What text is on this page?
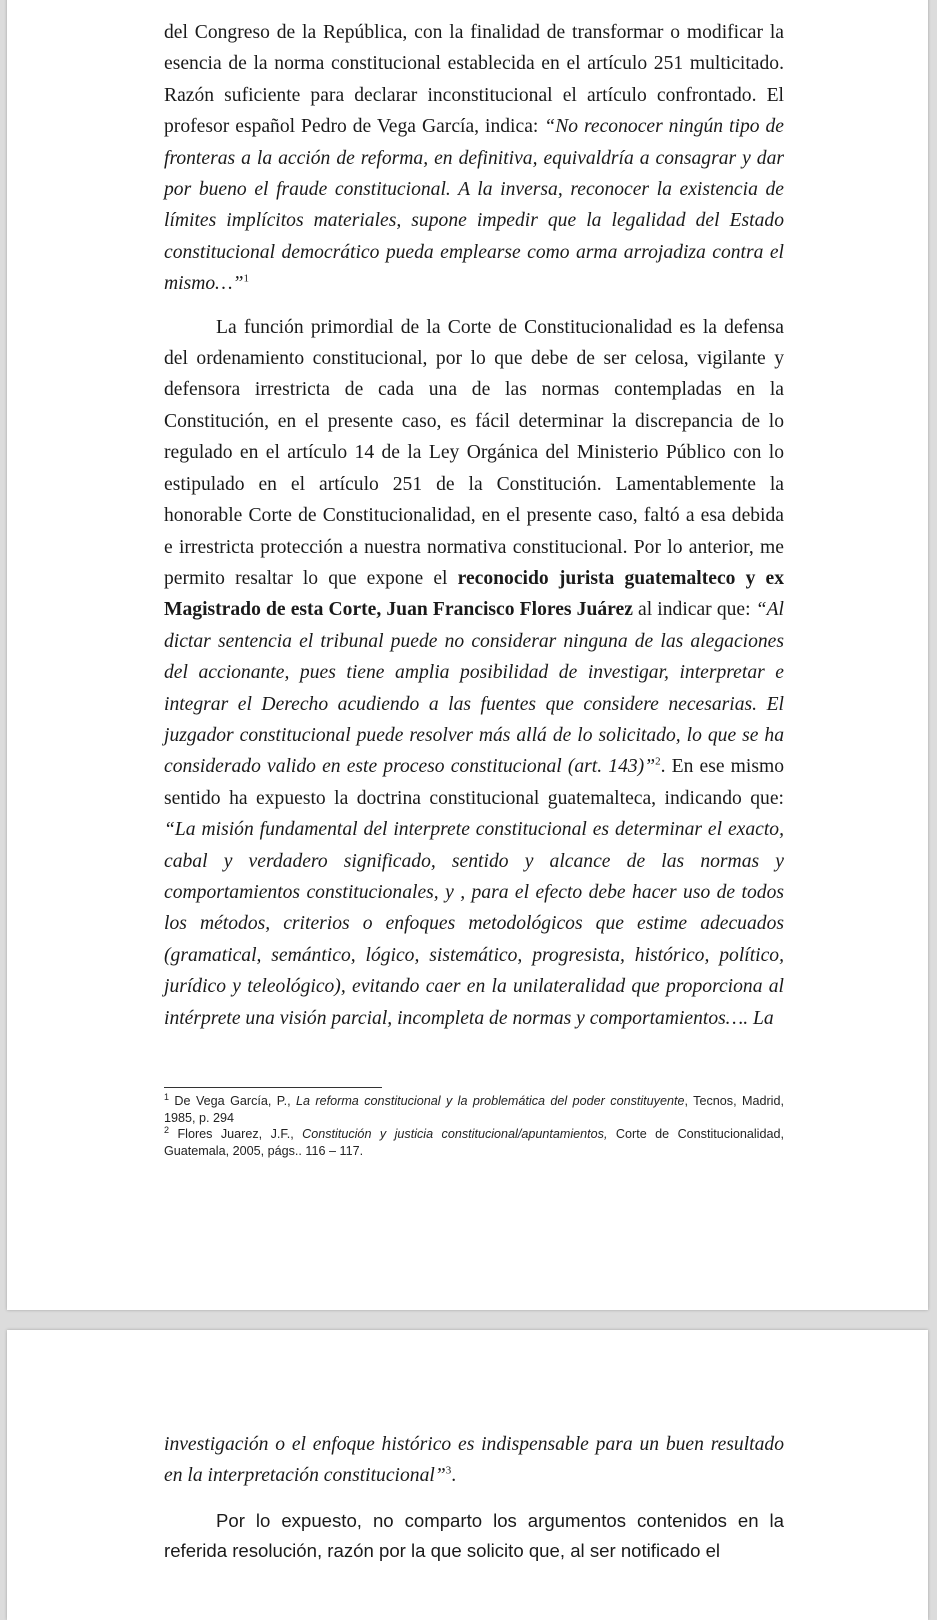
del Congreso de la República, con la finalidad de transformar o modificar la esencia de la norma constitucional establecida en el artículo 251 multicitado. Razón suficiente para declarar inconstitucional el artículo confrontado. El profesor español Pedro de Vega García, indica: “No reconocer ningún tipo de fronteras a la acción de reforma, en definitiva, equivaldría a consagrar y dar por bueno el fraude constitucional. A la inversa, reconocer la existencia de límites implícitos materiales, supone impedir que la legalidad del Estado constitucional democrático pueda emplearse como arma arrojadiza contra el mismo…”$^1$

La función primordial de la Corte de Constitucionalidad es la defensa del ordenamiento constitucional, por lo que debe de ser celosa, vigilante y defensora irrestricta de cada una de las normas contempladas en la Constitución, en el presente caso, es fácil determinar la discrepancia de lo regulado en el artículo 14 de la Ley Orgánica del Ministerio Público con lo estipulado en el artículo 251 de la Constitución. Lamentablemente la honorable Corte de Constitucionalidad, en el presente caso, faltó a esa debida e irrestricta protección a nuestra normativa constitucional. Por lo anterior, me permito resaltar lo que expone el reconocido jurista guatemalteco y ex Magistrado de esta Corte, Juan Francisco Flores Juárez al indicar que: “Al dictar sentencia el tribunal puede no considerar ninguna de las alegaciones del accionante, pues tiene amplia posibilidad de investigar, interpretar e integrar el Derecho acudiendo a las fuentes que considere necesarias. El juzgador constitucional puede resolver más allá de lo solicitado, lo que se ha considerado valido en este proceso constitucional (art. 143)”$^2$. En ese mismo sentido ha expuesto la doctrina constitucional guatemalteca, indicando que: “La misión fundamental del interprete constitucional es determinar el exacto, cabal y verdadero significado, sentido y alcance de las normas y comportamientos constitucionales, y , para el efecto debe hacer uso de todos los métodos, criterios o enfoques metodológicos que estime adecuados (gramatical, semántico, lógico, sistemático, progresista, histórico, político, jurídico y teleológico), evitando caer en la unilateralidad que proporciona al intérprete una visión parcial, incompleta de normas y comportamientos…. La

$^1$ De Vega García, P., La reforma constitucional y la problemática del poder constituyente, Tecnos, Madrid, 1985, p. 294

$^2$ Flores Juarez, J.F., Constitución y justicia constitucional/apuntamientos, Corte de Constitucionalidad, Guatemala, 2005, págs.. 116 – 117.

investigación o el enfoque histórico es indispensable para un buen resultado en la interpretación constitucional”$^3$.

Por lo expuesto, no comparto los argumentos contenidos en la referida resolución, razón por la que solicito que, al ser notificado el
